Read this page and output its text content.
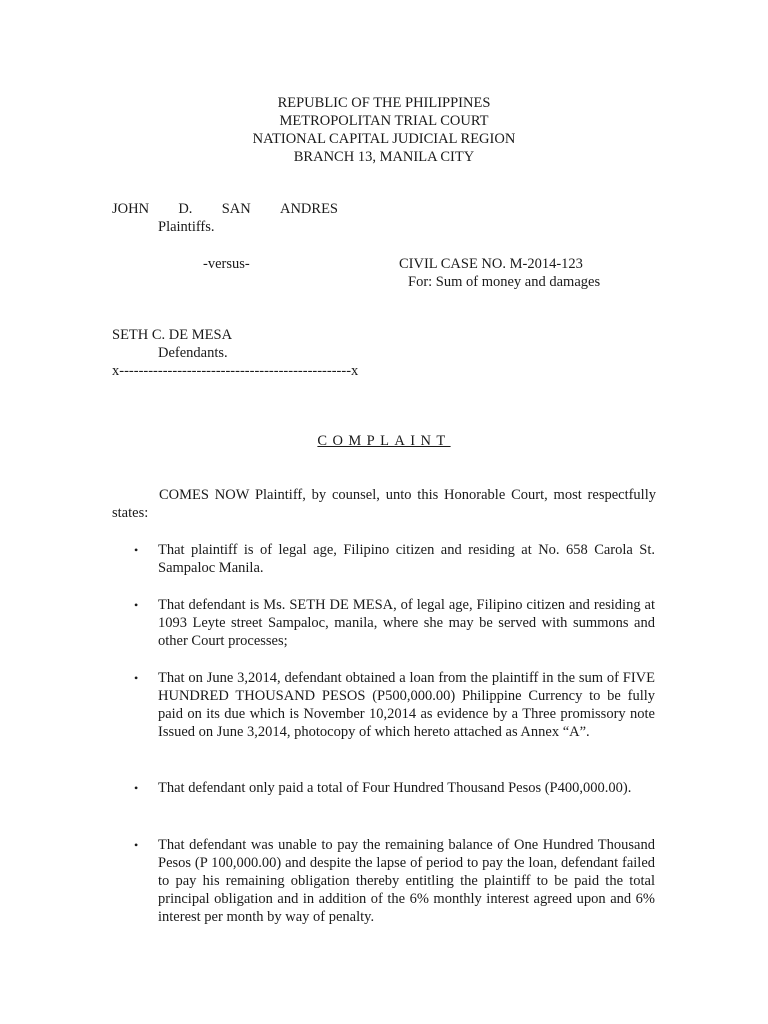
REPUBLIC OF THE PHILIPPINES
METROPOLITAN TRIAL COURT
NATIONAL CAPITAL JUDICIAL REGION
BRANCH 13, MANILA CITY
JOHN D. SAN ANDRES
Plaintiffs.
-versus-	CIVIL CASE NO. M-2014-123
For: Sum of money and damages
SETH C. DE MESA
Defendants.
x------------------------------------------------x
COMPLAINT
COMES NOW Plaintiff, by counsel, unto this Honorable Court, most respectfully states:
• That plaintiff is of legal age, Filipino citizen and residing at No. 658 Carola St. Sampaloc Manila.
• That defendant is Ms. SETH DE MESA, of legal age, Filipino citizen and residing at 1093 Leyte street Sampaloc, manila, where she may be served with summons and other Court processes;
• That on June 3,2014, defendant obtained a loan from the plaintiff in the sum of FIVE HUNDRED THOUSAND PESOS (P500,000.00) Philippine Currency to be fully paid on its due which is November 10,2014 as evidence by a Three promissory note Issued on June 3,2014, photocopy of which hereto attached as Annex “A”.
• That defendant only paid a total of Four Hundred Thousand Pesos (P400,000.00).
• That defendant was unable to pay the remaining balance of One Hundred Thousand Pesos (P 100,000.00) and despite the lapse of period to pay the loan, defendant failed to pay his remaining obligation thereby entitling the plaintiff to be paid the total principal obligation and in addition of the 6% monthly interest agreed upon and 6% interest per month by way of penalty.
